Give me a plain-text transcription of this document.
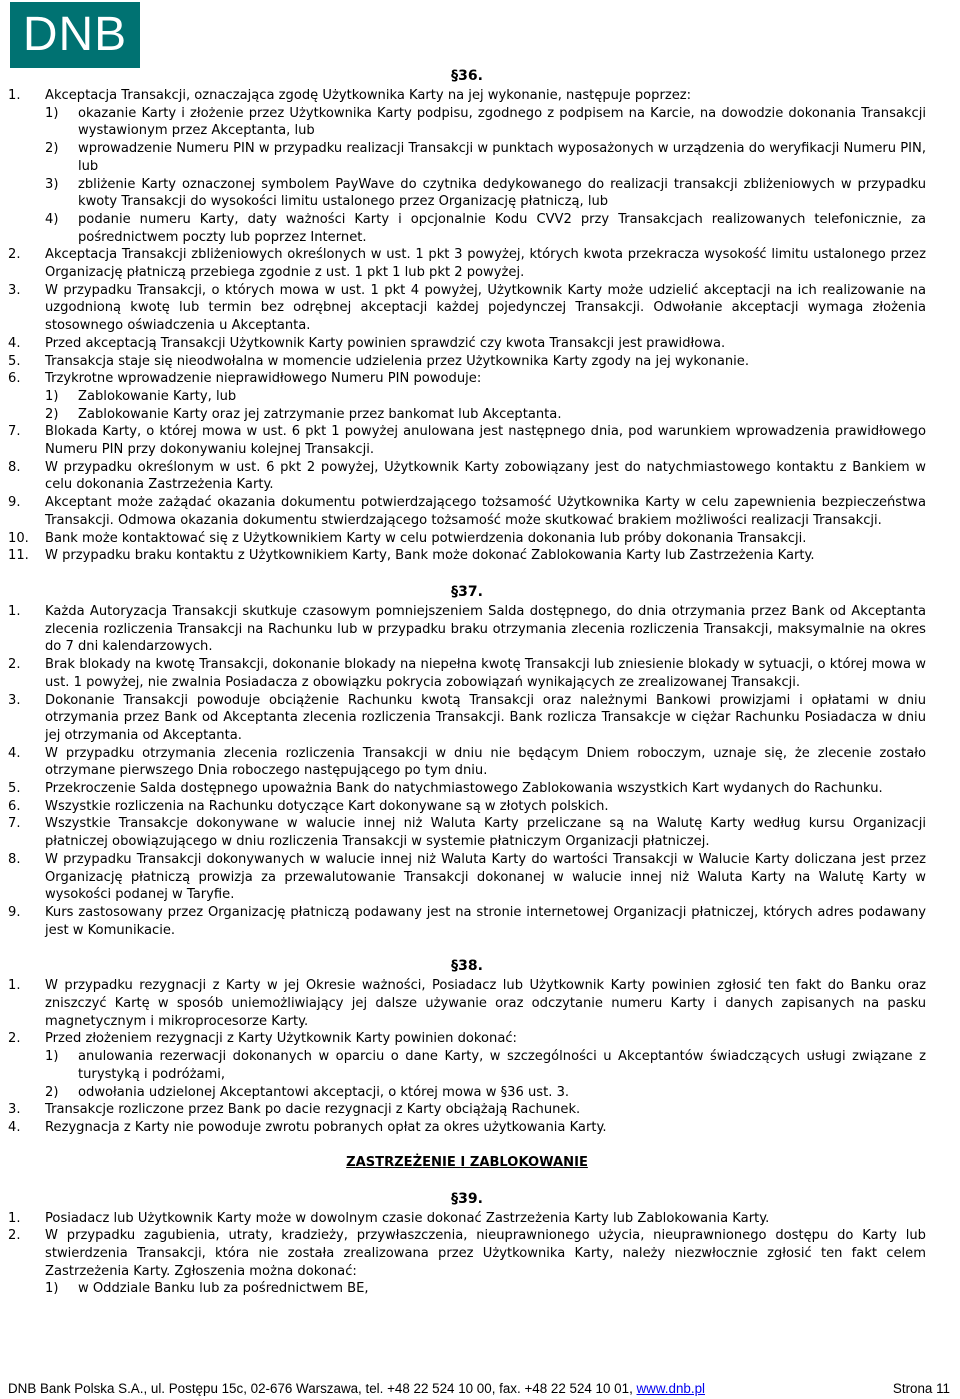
DNB
§36.
1. Akceptacja Transakcji, oznaczająca zgodę Użytkownika Karty na jej wykonanie, następuje poprzez:
1) okazanie Karty i złożenie przez Użytkownika Karty podpisu, zgodnego z podpisem na Karcie, na dowodzie dokonania Transakcji wystawionym przez Akceptanta, lub
2) wprowadzenie Numeru PIN w przypadku realizacji Transakcji w punktach wyposażonych w urządzenia do weryfikacji Numeru PIN, lub
3) zbliżenie Karty oznaczonej symbolem PayWave do czytnika dedykowanego do realizacji transakcji zbliżeniowych w przypadku kwoty Transakcji do wysokości limitu ustalonego przez Organizację płatniczą, lub
4) podanie numeru Karty, daty ważności Karty i opcjonalnie Kodu CVV2 przy Transakcjach realizowanych telefonicznie, za pośrednictwem poczty lub poprzez Internet.
2. Akceptacja Transakcji zbliżeniowych określonych w ust. 1 pkt 3 powyżej, których kwota przekracza wysokość limitu ustalonego przez Organizację płatniczą przebiega zgodnie z ust. 1 pkt 1 lub pkt 2 powyżej.
3. W przypadku Transakcji, o których mowa w ust. 1 pkt 4 powyżej, Użytkownik Karty może udzielić akceptacji na ich realizowanie na uzgodnioną kwotę lub termin bez odrębnej akceptacji każdej pojedynczej Transakcji. Odwołanie akceptacji wymaga złożenia stosownego oświadczenia u Akceptanta.
4. Przed akceptacją Transakcji Użytkownik Karty powinien sprawdzić czy kwota Transakcji jest prawidłowa.
5. Transakcja staje się nieodwołalna w momencie udzielenia przez Użytkownika Karty zgody na jej wykonanie.
6. Trzykrotne wprowadzenie nieprawidłowego Numeru PIN powoduje:
1) Zablokowanie Karty, lub
2) Zablokowanie Karty oraz jej zatrzymanie przez bankomat lub Akceptanta.
7. Blokada Karty, o której mowa w ust. 6 pkt 1 powyżej anulowana jest następnego dnia, pod warunkiem wprowadzenia prawidłowego Numeru PIN przy dokonywaniu kolejnej Transakcji.
8. W przypadku określonym w ust. 6 pkt 2 powyżej, Użytkownik Karty zobowiązany jest do natychmiastowego kontaktu z Bankiem w celu dokonania Zastrzeżenia Karty.
9. Akceptant może zażądać okazania dokumentu potwierdzającego tożsamość Użytkownika Karty w celu zapewnienia bezpieczeństwa Transakcji. Odmowa okazania dokumentu stwierdzającego tożsamość może skutkować brakiem możliwości realizacji Transakcji.
10. Bank może kontaktować się z Użytkownikiem Karty w celu potwierdzenia dokonania lub próby dokonania Transakcji.
11. W przypadku braku kontaktu z Użytkownikiem Karty, Bank może dokonać Zablokowania Karty lub Zastrzeżenia Karty.
§37.
1. Każda Autoryzacja Transakcji skutkuje czasowym pomniejszeniem Salda dostępnego, do dnia otrzymania przez Bank od Akceptanta zlecenia rozliczenia Transakcji na Rachunku lub w przypadku braku otrzymania zlecenia rozliczenia Transakcji, maksymalnie na okres do 7 dni kalendarzowych.
2. Brak blokady na kwotę Transakcji, dokonanie blokady na niepełna kwotę Transakcji lub zniesienie blokady w sytuacji, o której mowa w ust. 1 powyżej, nie zwalnia Posiadacza z obowiązku pokrycia zobowiązań wynikających ze zrealizowanej Transakcji.
3. Dokonanie Transakcji powoduje obciążenie Rachunku kwotą Transakcji oraz należnymi Bankowi prowizjami i opłatami w dniu otrzymania przez Bank od Akceptanta zlecenia rozliczenia Transakcji. Bank rozlicza Transakcje w ciężar Rachunku Posiadacza w dniu jej otrzymania od Akceptanta.
4. W przypadku otrzymania zlecenia rozliczenia Transakcji w dniu nie będącym Dniem roboczym, uznaje się, że zlecenie zostało otrzymane pierwszego Dnia roboczego następującego po tym dniu.
5. Przekroczenie Salda dostępnego upoważnia Bank do natychmiastowego Zablokowania wszystkich Kart wydanych do Rachunku.
6. Wszystkie rozliczenia na Rachunku dotyczące Kart dokonywane są w złotych polskich.
7. Wszystkie Transakcje dokonywane w walucie innej niż Waluta Karty przeliczane są na Walutę Karty według kursu Organizacji płatniczej obowiązującego w dniu rozliczenia Transakcji w systemie płatniczym Organizacji płatniczej.
8. W przypadku Transakcji dokonywanych w walucie innej niż Waluta Karty do wartości Transakcji w Walucie Karty doliczana jest przez Organizację płatniczą prowizja za przewalutowanie Transakcji dokonanej w walucie innej niż Waluta Karty na Walutę Karty w wysokości podanej w Taryfie.
9. Kurs zastosowany przez Organizację płatniczą podawany jest na stronie internetowej Organizacji płatniczej, których adres podawany jest w Komunikacie.
§38.
1. W przypadku rezygnacji z Karty w jej Okresie ważności, Posiadacz lub Użytkownik Karty powinien zgłosić ten fakt do Banku oraz zniszczyć Kartę w sposób uniemożliwiający jej dalsze używanie oraz odczytanie numeru Karty i danych zapisanych na pasku magnetycznym i mikroprocesorze Karty.
2. Przed złożeniem rezygnacji z Karty Użytkownik Karty powinien dokonać:
1) anulowania rezerwacji dokonanych w oparciu o dane Karty, w szczególności u Akceptantów świadczących usługi związane z turystyką i podróżami,
2) odwołania udzielonej Akceptantowi akceptacji, o której mowa w §36 ust. 3.
3. Transakcje rozliczone przez Bank po dacie rezygnacji z Karty obciążają Rachunek.
4. Rezygnacja z Karty nie powoduje zwrotu pobranych opłat za okres użytkowania Karty.
ZASTRZEŻENIE I ZABLOKOWANIE
§39.
1. Posiadacz lub Użytkownik Karty może w dowolnym czasie dokonać Zastrzeżenia Karty lub Zablokowania Karty.
2. W przypadku zagubienia, utraty, kradzieży, przywłaszczenia, nieuprawnionego użycia, nieuprawnionego dostępu do Karty lub stwierdzenia Transakcji, która nie została zrealizowana przez Użytkownika Karty, należy niezwłocznie zgłosić ten fakt celem Zastrzeżenia Karty. Zgłoszenia można dokonać:
1) w Oddziale Banku lub za pośrednictwem BE,
DNB Bank Polska S.A., ul. Postępu 15c, 02-676 Warszawa, tel. +48 22 524 10 00, fax. +48 22 524 10 01, www.dnb.pl	Strona 11
